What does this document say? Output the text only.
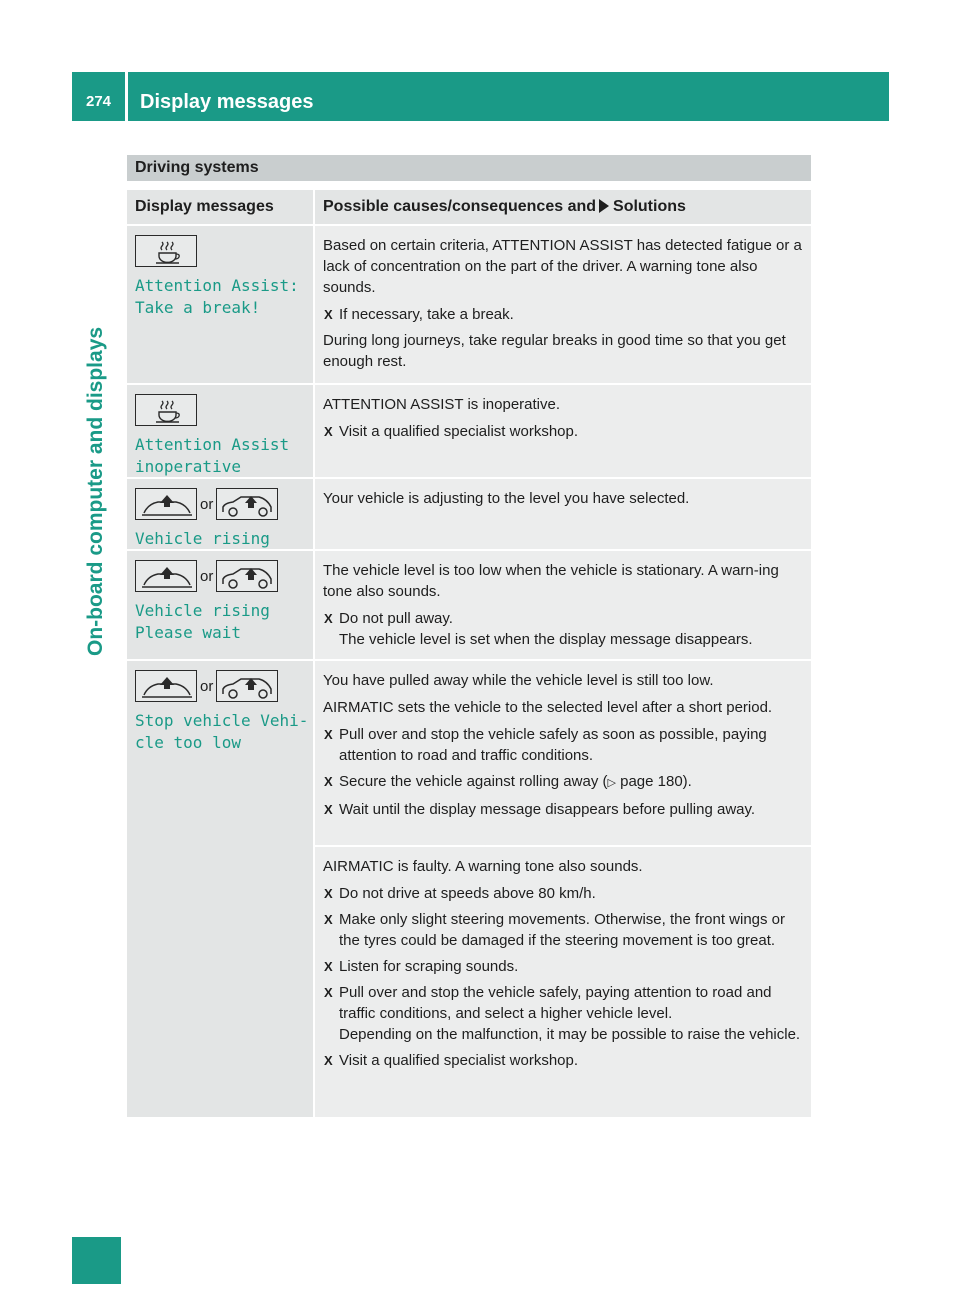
274	Display messages
On-board computer and displays
Driving systems
Display messages	Possible causes/consequences and Solutions
Attention Assist:
Take a break!

Based on certain criteria, ATTENTION ASSIST has detected fatigue or a lack of concentration on the part of the driver. A warning tone also sounds.

X If necessary, take a break.

During long journeys, take regular breaks in good time so that you get enough rest.

Attention Assist
inoperative

ATTENTION ASSIST is inoperative.

X Visit a qualified specialist workshop.
or
Vehicle rising

Your vehicle is adjusting to the level you have selected.

or
Vehicle rising
Please wait

The vehicle level is too low when the vehicle is stationary. A warn-ing tone also sounds.

X Do not pull away.
The vehicle level is set when the display message disappears.
or
Stop vehicle Vehi‐
cle too low

You have pulled away while the vehicle level is still too low.

AIRMATIC sets the vehicle to the selected level after a short period.

X Pull over and stop the vehicle safely as soon as possible, paying attention to road and traffic conditions.
X Secure the vehicle against rolling away (▷ page 180).
X Wait until the display message disappears before pulling away.

AIRMATIC is faulty. A warning tone also sounds.

X Do not drive at speeds above 80 km/h.
X Make only slight steering movements. Otherwise, the front wings or the tyres could be damaged if the steering movement is too great.
X Listen for scraping sounds.
X Pull over and stop the vehicle safely, paying attention to road and traffic conditions, and select a higher vehicle level.
Depending on the malfunction, it may be possible to raise the vehicle.
X Visit a qualified specialist workshop.
